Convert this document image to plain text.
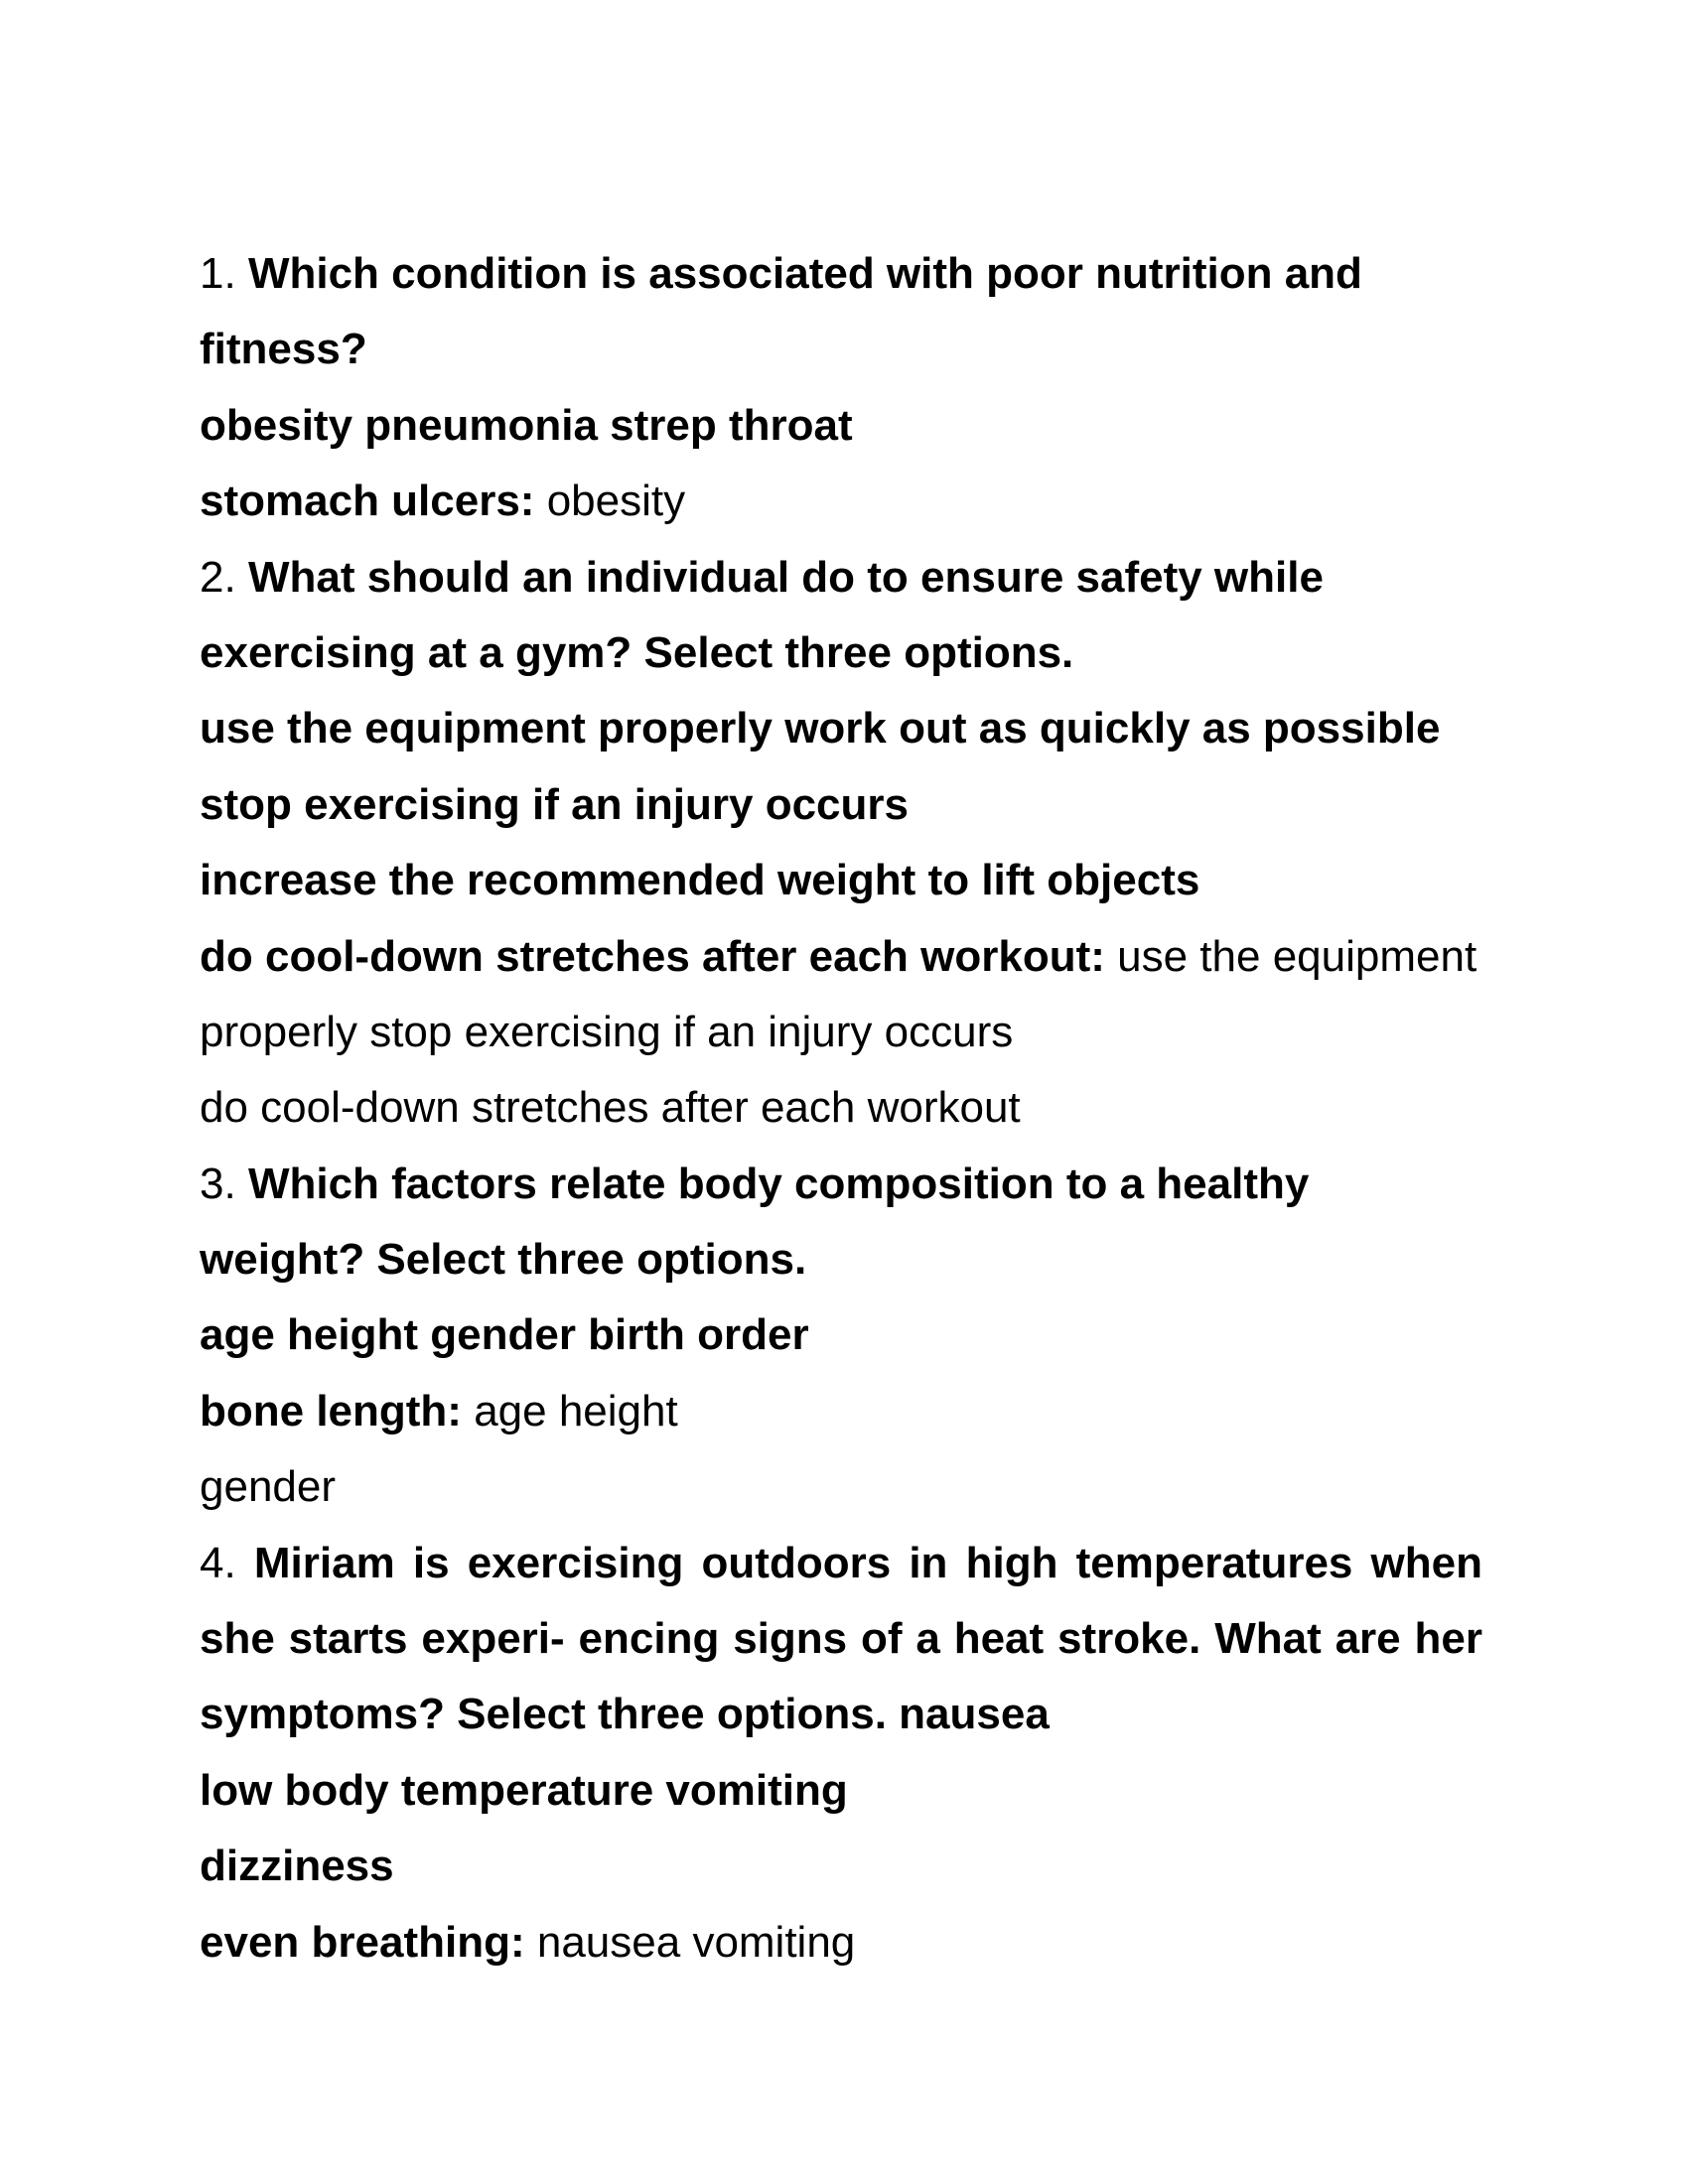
1. Which condition is associated with poor nutrition and
fitness?
obesity pneumonia strep throat
stomach ulcers: obesity
2. What should an individual do to ensure safety while
exercising at a gym? Select three options.
use the equipment properly work out as quickly as possible
stop exercising if an injury occurs
increase the recommended weight to lift objects
do cool-down stretches after each workout: use the equipment
properly stop exercising if an injury occurs
do cool-down stretches after each workout
3. Which factors relate body composition to a healthy
weight? Select three options.
age height gender birth order
bone length: age height
gender
4. Miriam is exercising outdoors in high temperatures when
she starts experi- encing signs of a heat stroke. What are her
symptoms? Select three options. nausea
low body temperature vomiting
dizziness
even breathing: nausea vomiting
